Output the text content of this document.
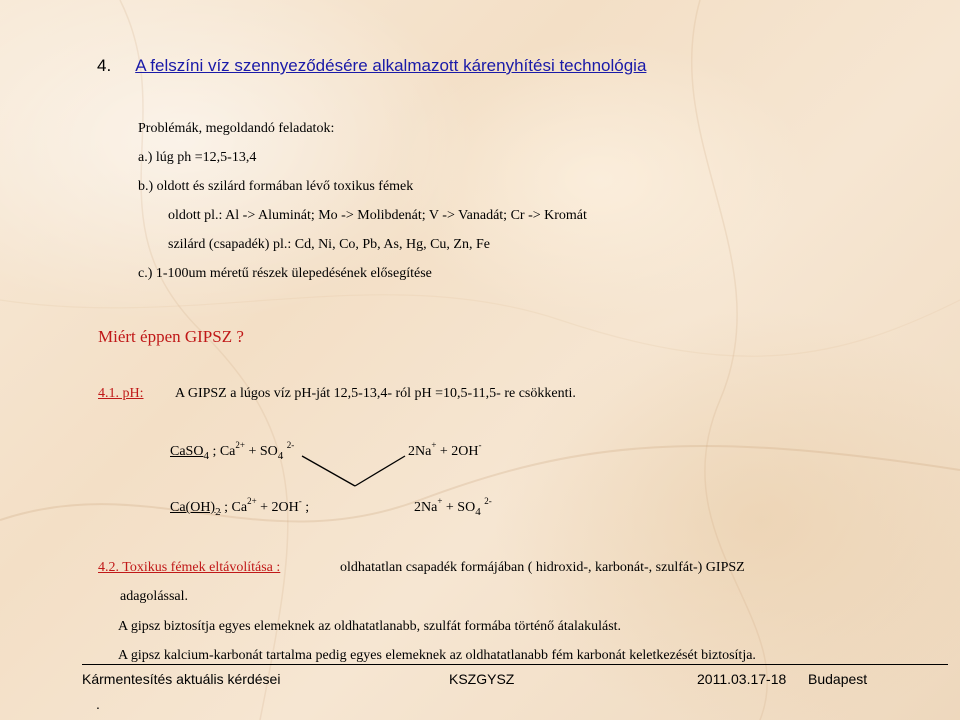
4. A felszíni víz szennyeződésére alkalmazott kárenyhítési technológia
Problémák, megoldandó feladatok:
a.) lúg ph =12,5-13,4
b.) oldott és szilárd formában lévő toxikus fémek
oldott pl.: Al -> Aluminát; Mo -> Molibdenát; V -> Vanadát; Cr -> Kromát
szilárd (csapadék) pl.: Cd, Ni, Co, Pb, As, Hg, Cu, Zn, Fe
c.) 1-100um méretű részek ülepedésének elősegítése
Miért éppen GIPSZ ?
4.1. pH: A GIPSZ a lúgos víz pH-ját 12,5-13,4- ról pH =10,5-11,5- re csökkenti.
CaSO$_4$ ; $Ca^{2+} + SO_4$ $^{2-}$	2Na+ + 2OH-
$Ca(OH)_2$ ; $Ca^{2+} + 2OH^-$ ;	$2Na^+ + SO_4$ $^{2-}$
4.2. Toxikus fémek eltávolítása :	oldhatatlan csapadék formájában ( hidroxid-, karbonát-, szulfát-) GIPSZ
adagolással.
A gipsz biztosítja egyes elemeknek az oldhatatlanabb, szulfát formába történő átalakulást.
A gipsz kalcium-karbonát tartalma pedig egyes elemeknek az oldhatatlanabb fém karbonát keletkezését biztosítja.
Kármentesítés aktuális kérdései	KSZGYSZ	2011.03.17-18 Budapest
.
